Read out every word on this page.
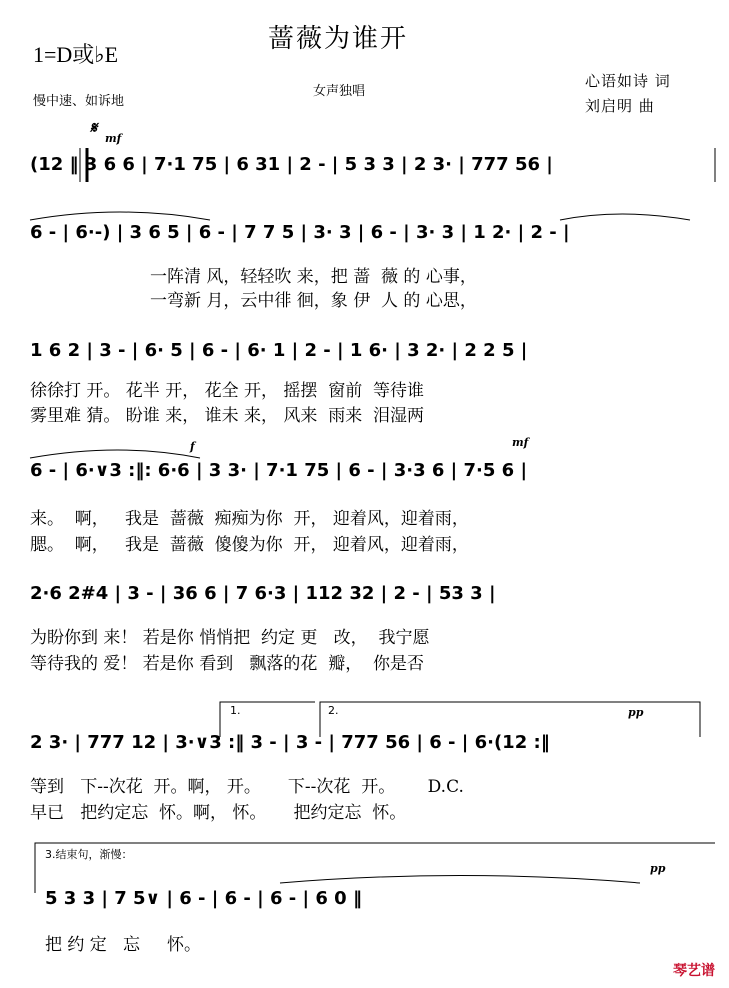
蔷薇为谁开
1=D或♭E
慢中速、如诉地
女声独唱
心语如诗 词
刘启明 曲
𝄋
mf
(12 ‖ 3 6 6 | 7·1 75 | 6 31 | 2 - | 5 3 3 | 2 3· | 777 56 |
6 - | 6·-) | 3 6 5 | 6 - | 7 7 5 | 3· 3 | 6 - | 3· 3 | 1 2· | 2 - |
一阵清 风，轻轻吹 来，把 蔷  薇 的 心事，
一弯新 月，云中徘 徊，象 伊  人 的 心思，
1 6 2 | 3 - | 6· 5 | 6 - | 6· 1 | 2 - | 1 6· | 3 2· | 2 2 5 |
徐徐打 开。 花半 开， 花全 开， 摇摆  窗前  等待谁
雾里难 猜。 盼谁 来， 谁未 来， 风来  雨来  泪湿两
f	mf
6 - | 6·∨3 :‖: 6·6 | 3 3· | 7·1 75 | 6 - | 3·3 6 | 7·5 6 |
来。  啊，   我是  蔷薇  痴痴为你  开， 迎着风，迎着雨，
腮。  啊，   我是  蔷薇  傻傻为你  开， 迎着风，迎着雨，
2·6 2#4 | 3 - | 36 6 | 7 6·3 | 112 32 | 2 - | 53 3 |
为盼你到 来！ 若是你 悄悄把  约定 更   改，  我宁愿
等待我的 爱！ 若是你 看到   飘落的花  瓣，  你是否
1.	2.	pp
2 3· | 777 12 | 3·∨3 :‖ 3 - | 3 - | 777 56 | 6 - | 6·(12 :‖
等到   下--次花  开。啊， 开。     下--次花  开。      D.C.
早已   把约定忘  怀。啊， 怀。     把约定忘  怀。
3.结束句，渐慢：
pp
5 3 3 | 7 5∨ | 6 - | 6 - | 6 - | 6 0 ‖
把 约 定   忘     怀。
琴艺谱
